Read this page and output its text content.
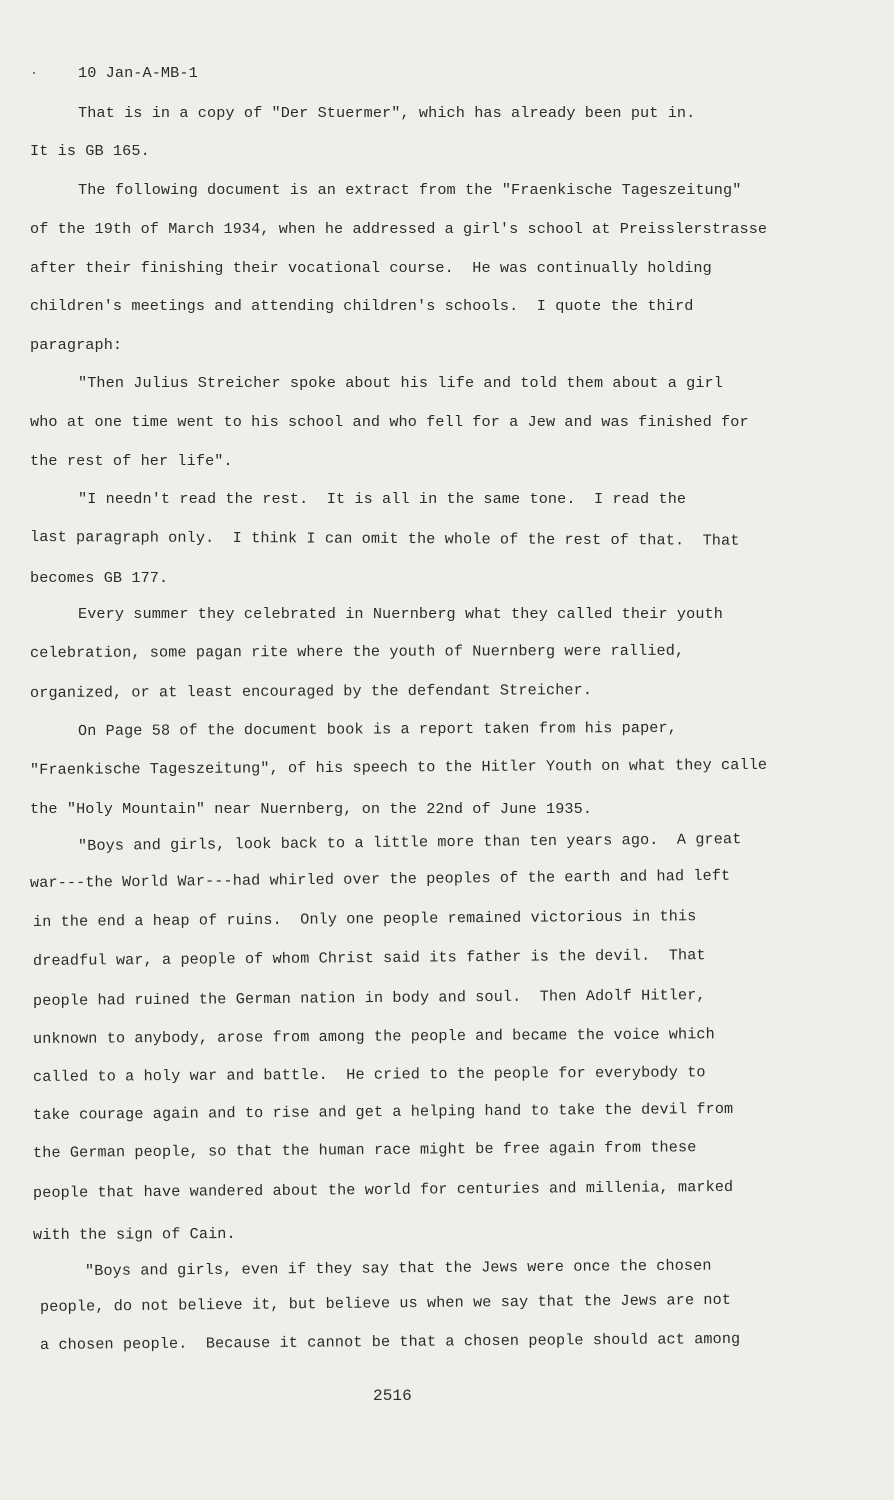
10 Jan-A-MB-1
That is in a copy of "Der Stuermer", which has already been put in.
It is GB 165.
The following document is an extract from the "Fraenkische Tageszeitung"
of the 19th of March 1934, when he addressed a girl's school at Preisslerstrasse
after their finishing their vocational course.  He was continually holding
children's meetings and attending children's schools.  I quote the third
paragraph:
"Then Julius Streicher spoke about his life and told them about a girl
who at one time went to his school and who fell for a Jew and was finished for
the rest of her life".
"I needn't read the rest.  It is all in the same tone.  I read the
last paragraph only.  I think I can omit the whole of the rest of that.  That
becomes GB 177.
Every summer they celebrated in Nuernberg what they called their youth
celebration, some pagan rite where the youth of Nuernberg were rallied,
organized, or at least encouraged by the defendant Streicher.
On Page 58 of the document book is a report taken from his paper,
"Fraenkische Tageszeitung", of his speech to the Hitler Youth on what they calle
the "Holy Mountain" near Nuernberg, on the 22nd of June 1935.
"Boys and girls, look back to a little more than ten years ago.  A great
war---the World War---had whirled over the peoples of the earth and had left
in the end a heap of ruins.  Only one people remained victorious in this
dreadful war, a people of whom Christ said its father is the devil.  That
people had ruined the German nation in body and soul.  Then Adolf Hitler,
unknown to anybody, arose from among the people and became the voice which
called to a holy war and battle.  He cried to the people for everybody to
take courage again and to rise and get a helping hand to take the devil from
the German people, so that the human race might be free again from these
people that have wandered about the world for centuries and millenia, marked
with the sign of Cain.
"Boys and girls, even if they say that the Jews were once the chosen
people, do not believe it, but believe us when we say that the Jews are not
a chosen people.  Because it cannot be that a chosen people should act among
2516
